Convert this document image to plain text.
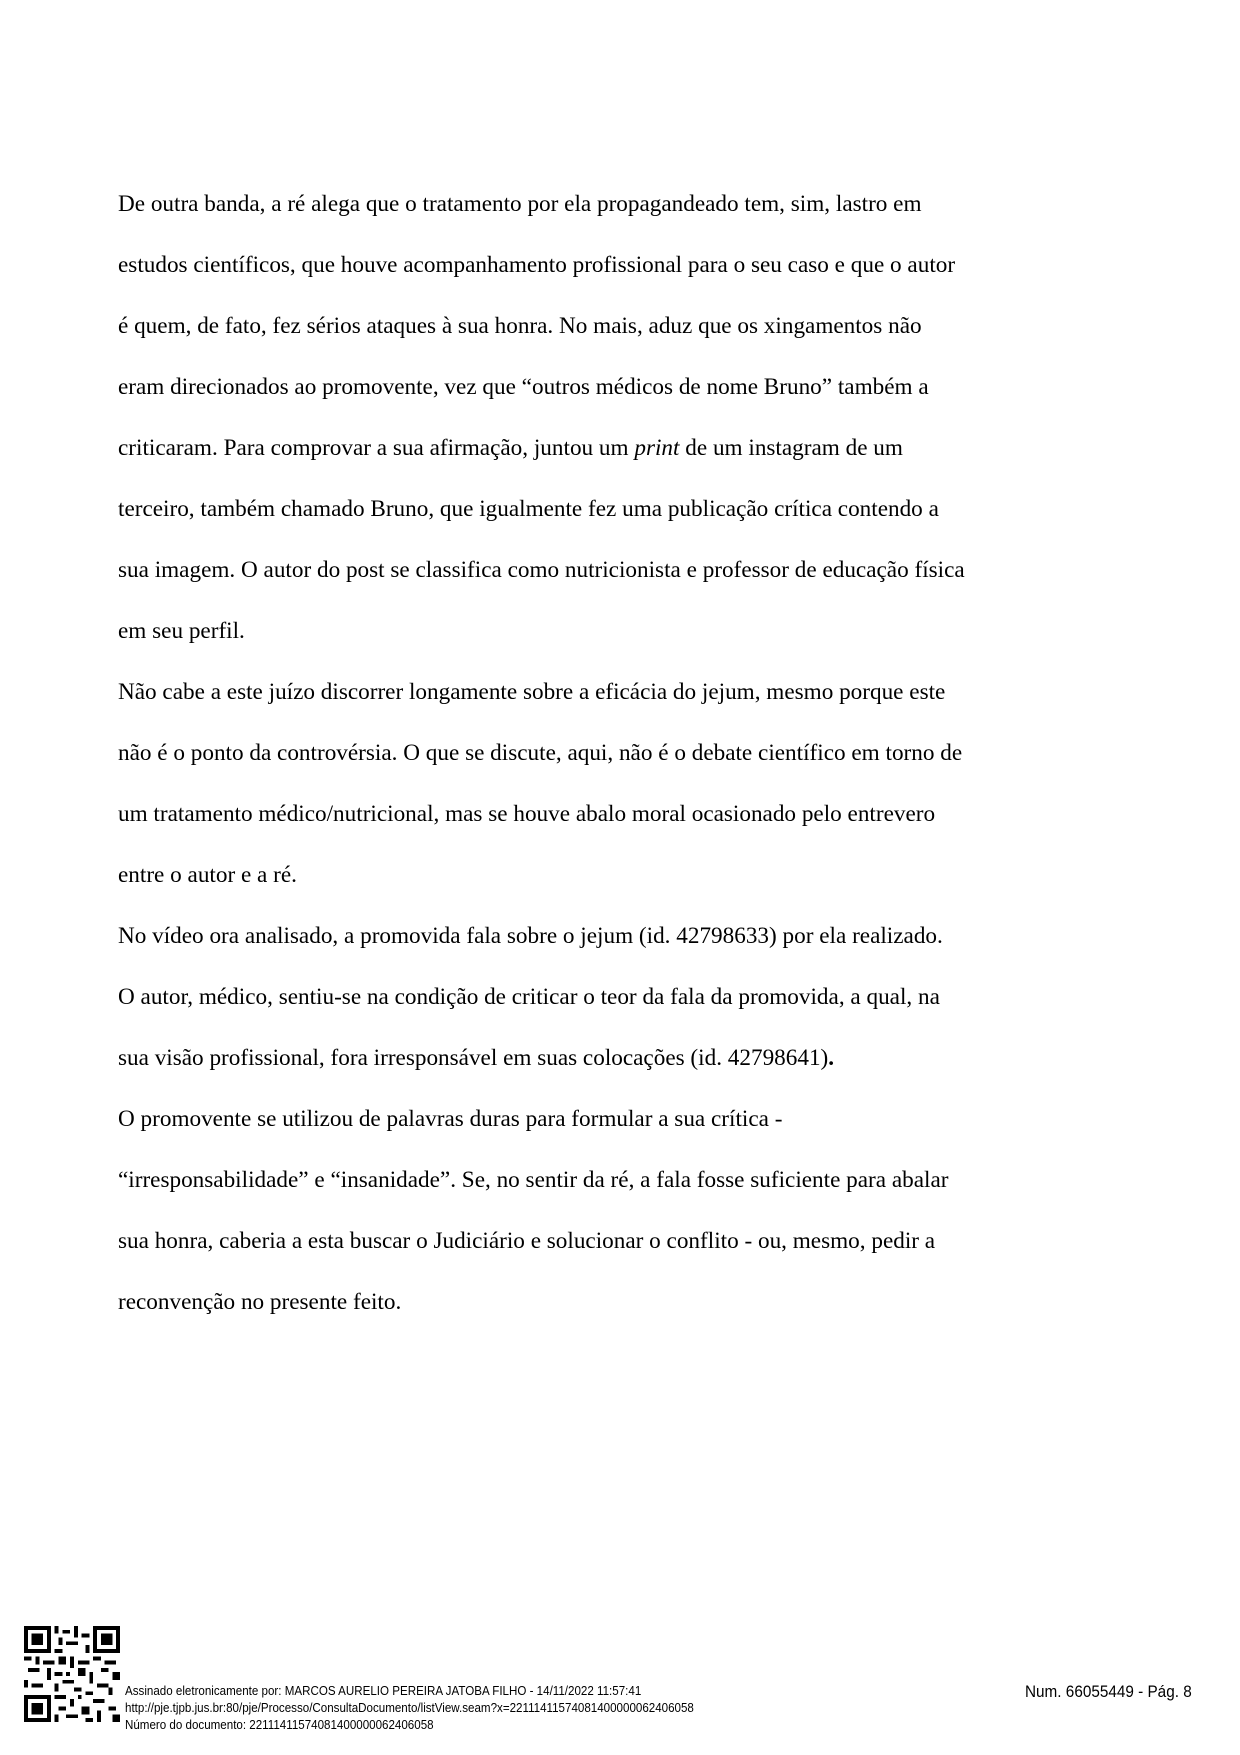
De outra banda, a ré alega que o tratamento por ela propagandeado tem, sim, lastro em
estudos científicos, que houve acompanhamento profissional para o seu caso e que o autor
é quem, de fato, fez sérios ataques à sua honra. No mais, aduz que os xingamentos não
eram direcionados ao promovente, vez que “outros médicos de nome Bruno” também a
criticaram. Para comprovar a sua afirmação, juntou um print de um instagram de um
terceiro, também chamado Bruno, que igualmente fez uma publicação crítica contendo a
sua imagem. O autor do post se classifica como nutricionista e professor de educação física
em seu perfil.
Não cabe a este juízo discorrer longamente sobre a eficácia do jejum, mesmo porque este
não é o ponto da controvérsia. O que se discute, aqui, não é o debate científico em torno de
um tratamento médico/nutricional, mas se houve abalo moral ocasionado pelo entrevero
entre o autor e a ré.
No vídeo ora analisado, a promovida fala sobre o jejum (id. 42798633) por ela realizado.
O autor, médico, sentiu-se na condição de criticar o teor da fala da promovida, a qual, na
sua visão profissional, fora irresponsável em suas colocações (id. 42798641).
O promovente se utilizou de palavras duras para formular a sua crítica -
“irresponsabilidade” e “insanidade”. Se, no sentir da ré, a fala fosse suficiente para abalar
sua honra, caberia a esta buscar o Judiciário e solucionar o conflito - ou, mesmo, pedir a
reconvenção no presente feito.
Assinado eletronicamente por: MARCOS AURELIO PEREIRA JATOBA FILHO - 14/11/2022 11:57:41
http://pje.tjpb.jus.br:80/pje/Processo/ConsultaDocumento/listView.seam?x=22111411574081400000062406058
Número do documento: 22111411574081400000062406058
Num. 66055449 - Pág. 8
